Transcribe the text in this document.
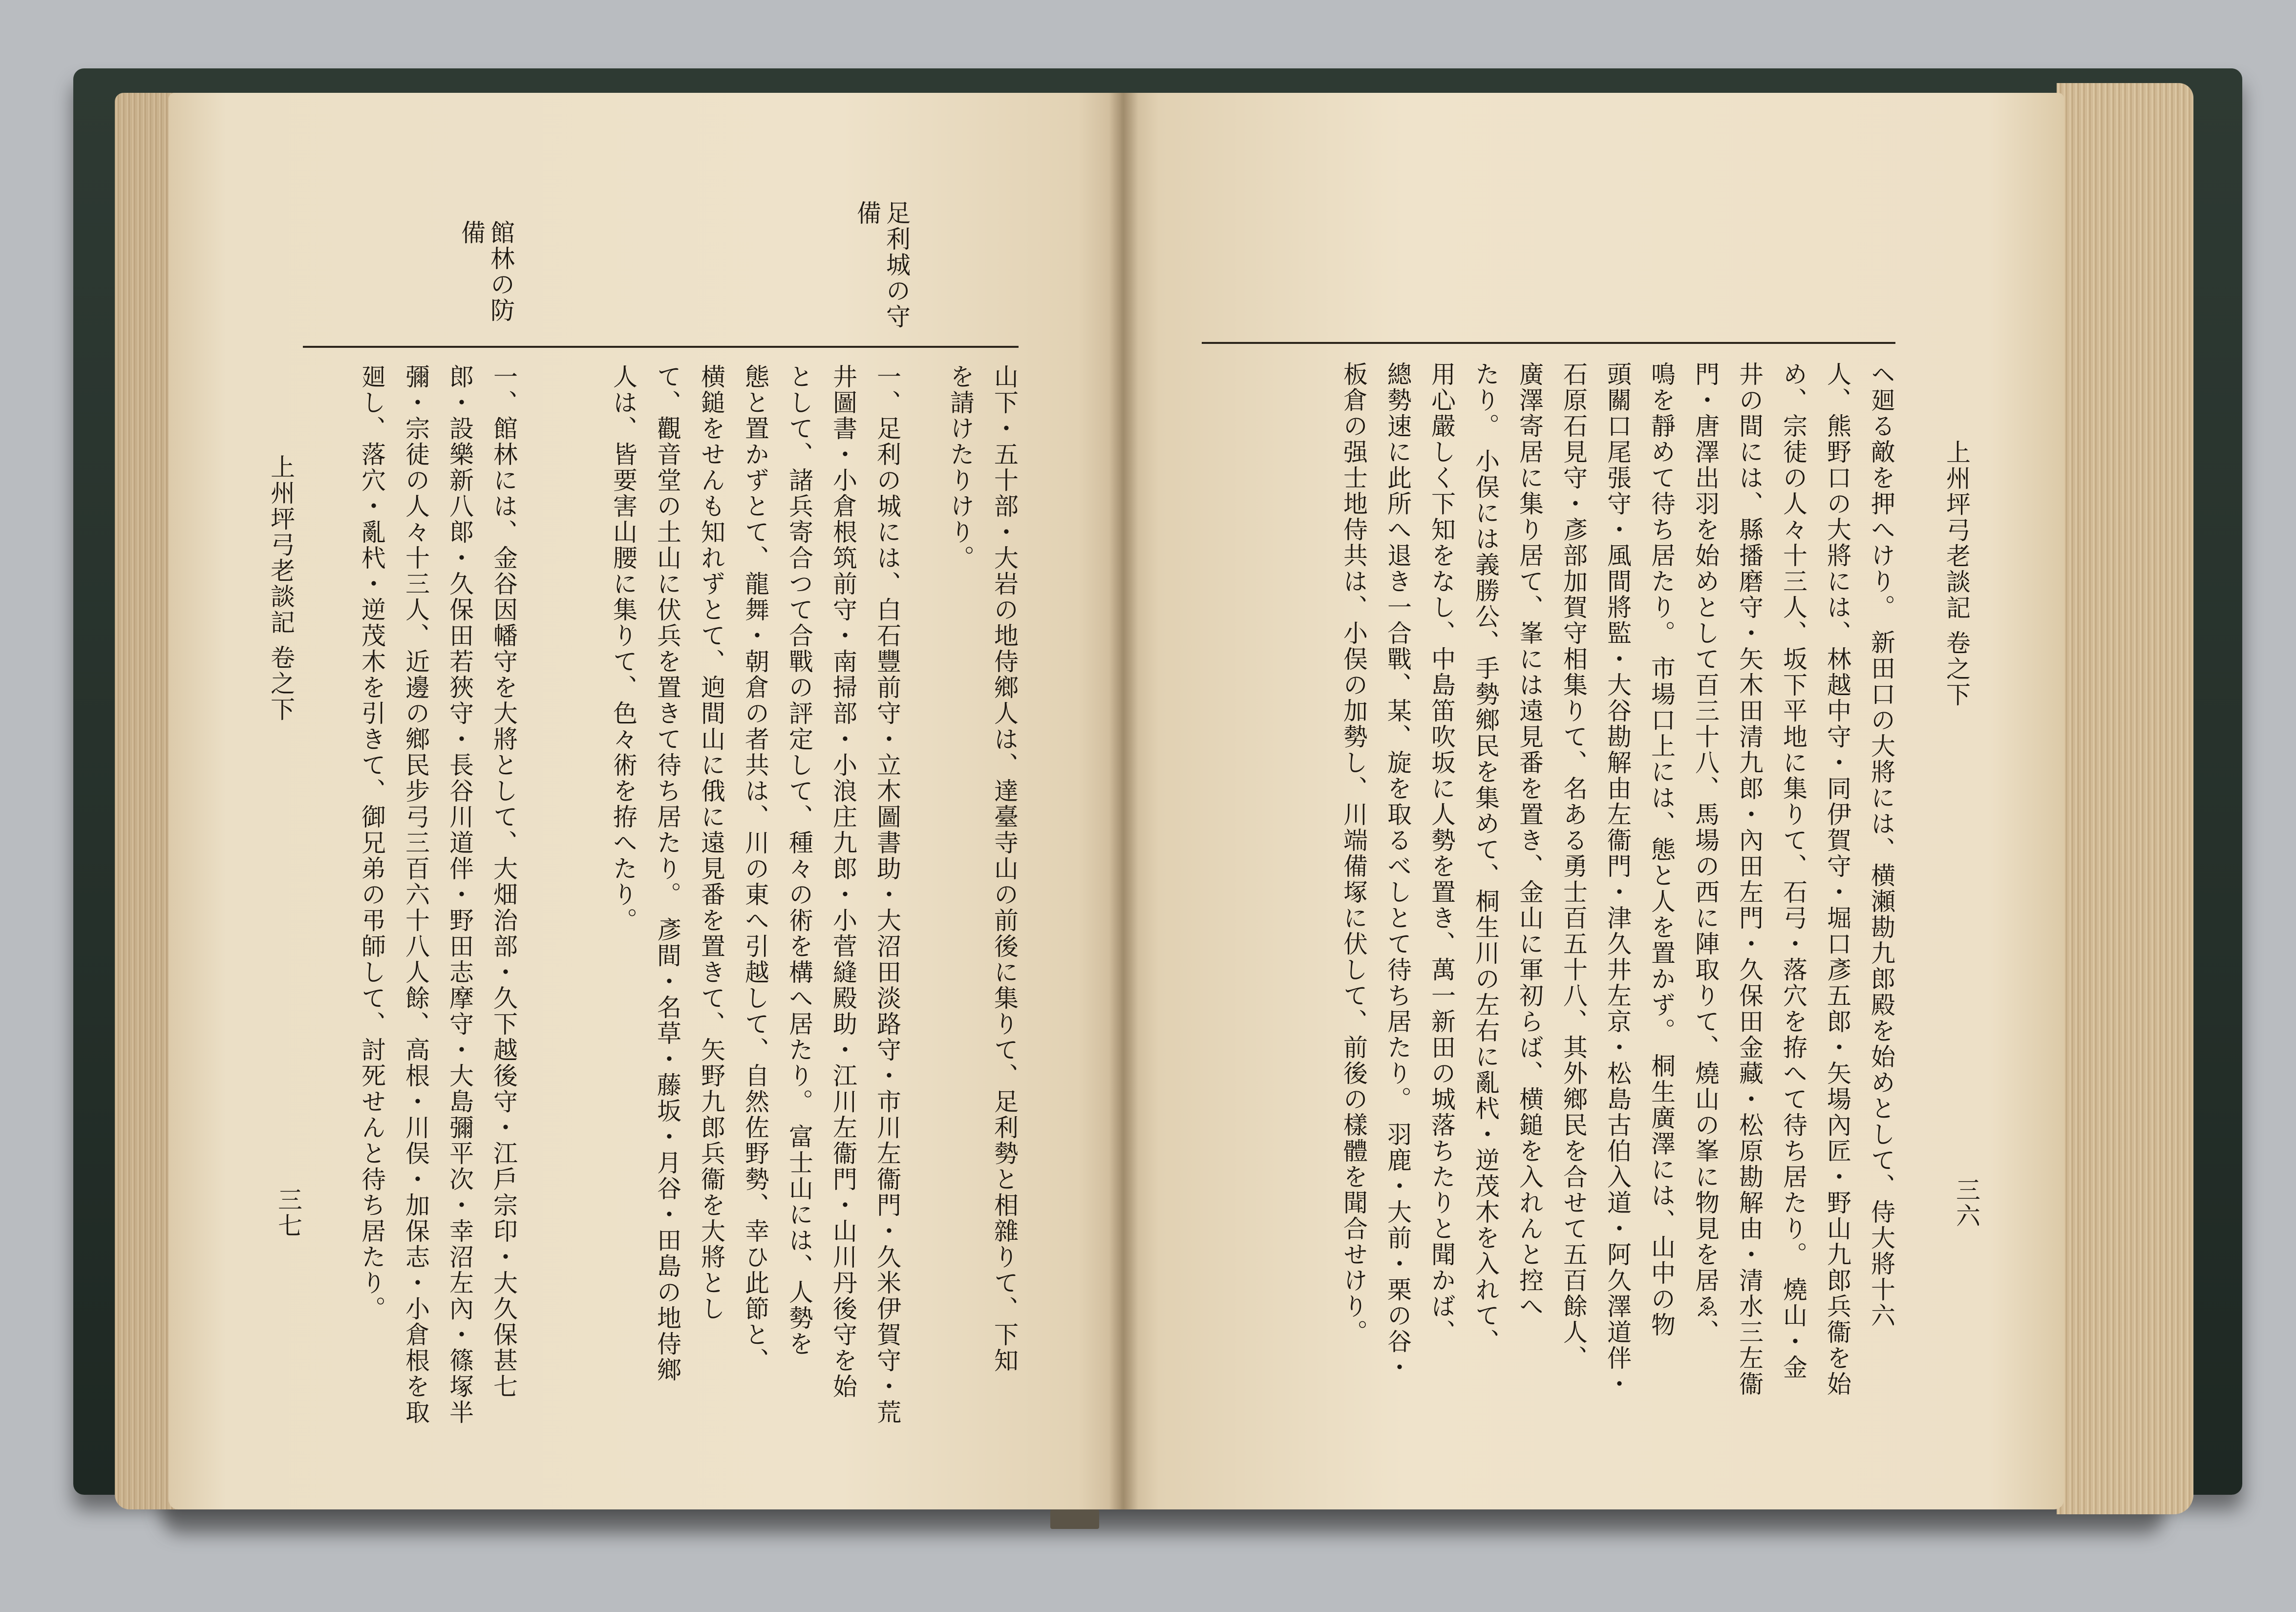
上州坪弓老談記 卷之下
三六
ヘ廻る敵を押へけり。 新田口の大將には、横瀬勘九郎殿を始めとして、侍大將十六
人、熊野口の大將には、林越中守・同伊賀守・堀口彥五郎・矢場內匠・野山九郎兵衞を始
め、宗徒の人々十三人、坂下平地に集りて、石弓・落穴を拵へて待ち居たり。 燒山・金
井の間には、縣播磨守・矢木田清九郎・內田左門・久保田金藏・松原勘解由・清水三左衞
門・唐澤出羽を始めとして百三十八、馬場の西に陣取りて、燒山の峯に物見を居ゑ、
鳴を靜めて待ち居たり。 市場口上には、態と人を置かず。 桐生廣澤には、山中の物
頭關口尾張守・風間將監・大谷勘解由左衞門・津久井左京・松島古伯入道・阿久澤道伴・
石原石見守・彥部加賀守相集りて、名ある勇士百五十八、其外鄉民を合せて五百餘人、
廣澤寄居に集り居て、峯には遠見番を置き、金山に軍初らば、横鎚を入れんと控へ
たり。 小俣には義勝公、手勢鄉民を集めて、桐生川の左右に亂杙・逆茂木を入れて、
用心嚴しく下知をなし、中島笛吹坂に人勢を置き、萬一新田の城落ちたりと聞かば、
總勢速に此所へ退き一合戰、某、旋を取るべしとて待ち居たり。 羽鹿・大前・栗の谷・
板倉の强士地侍共は、小俣の加勢し、川端備塚に伏して、前後の樣體を聞合せけり。
足利城の守備
館林の防備
山下・五十部・大岩の地侍鄉人は、達臺寺山の前後に集りて、足利勢と相雜りて、下知
を請けたりけり。
一、足利の城には、白石豐前守・立木圖書助・大沼田淡路守・市川左衞門・久米伊賀守・荒
井圖書・小倉根筑前守・南掃部・小浪庄九郎・小菅縫殿助・江川左衞門・山川丹後守を始
として、諸兵寄合つて合戰の評定して、種々の術を構へ居たり。 富士山には、人勢を
態と置かずとて、龍舞・朝倉の者共は、川の東へ引越して、自然佐野勢、幸ひ此節と、
横鎚をせんも知れずとて、逈間山に俄に遠見番を置きて、矢野九郎兵衞を大將とし
て、觀音堂の土山に伏兵を置きて待ち居たり。 彥間・名草・藤坂・月谷・田島の地侍鄉
人は、皆要害山腰に集りて、色々術を拵へたり。
一、館林には、金谷因幡守を大將として、大畑治部・久下越後守・江戶宗印・大久保甚七
郎・設樂新八郞・久保田若狹守・長谷川道伴・野田志摩守・大島彌平次・幸沼左內・篠塚半
彌・宗徒の人々十三人、近邊の鄉民步弓三百六十八人餘、高根・川俣・加保志・小倉根を取
廻し、落穴・亂杙・逆茂木を引きて、御兄弟の弔師して、討死せんと待ち居たり。
上州坪弓老談記 卷之下
三七
